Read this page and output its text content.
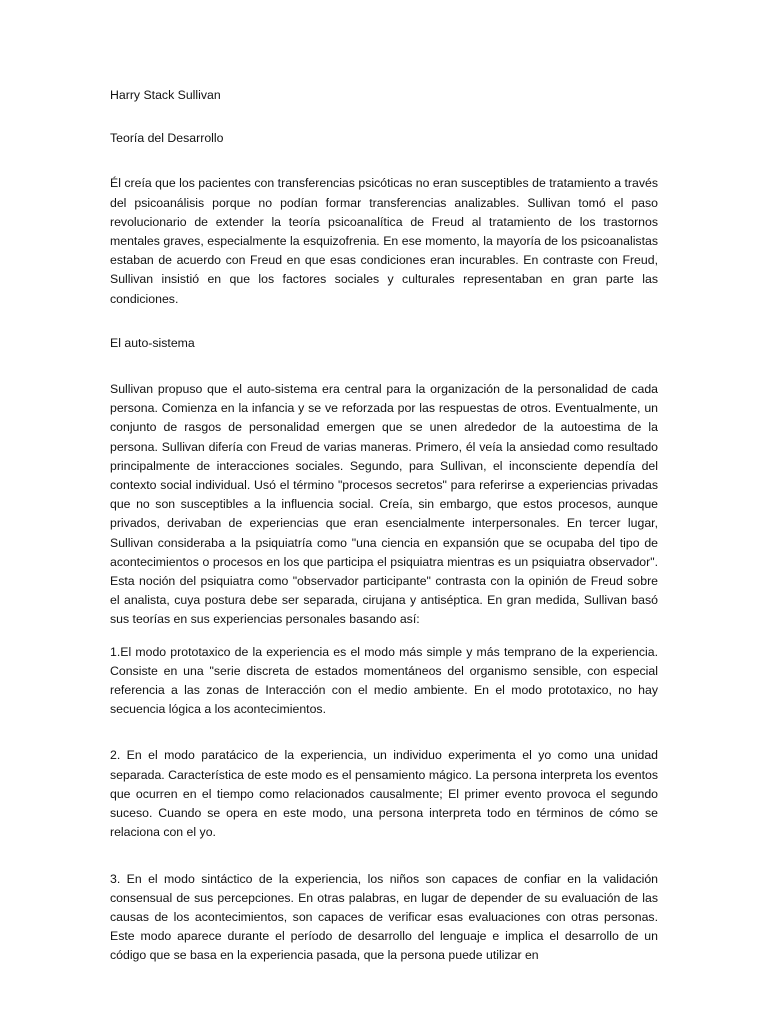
Harry Stack Sullivan

Teoría del Desarrollo

Él creía que los pacientes con transferencias psicóticas no eran susceptibles de tratamiento a través del psicoanálisis porque no podían formar transferencias analizables. Sullivan tomó el paso revolucionario de extender la teoría psicoanalítica de Freud al tratamiento de los trastornos mentales graves, especialmente la esquizofrenia. En ese momento, la mayoría de los psicoanalistas estaban de acuerdo con Freud en que esas condiciones eran incurables. En contraste con Freud, Sullivan insistió en que los factores sociales y culturales representaban en gran parte las condiciones.

El auto-sistema

Sullivan propuso que el auto-sistema era central para la organización de la personalidad de cada persona. Comienza en la infancia y se ve reforzada por las respuestas de otros. Eventualmente, un conjunto de rasgos de personalidad emergen que se unen alrededor de la autoestima de la persona. Sullivan difería con Freud de varias maneras. Primero, él veía la ansiedad como resultado principalmente de interacciones sociales. Segundo, para Sullivan, el inconsciente dependía del contexto social individual. Usó el término "procesos secretos" para referirse a experiencias privadas que no son susceptibles a la influencia social. Creía, sin embargo, que estos procesos, aunque privados, derivaban de experiencias que eran esencialmente interpersonales. En tercer lugar, Sullivan consideraba a la psiquiatría como "una ciencia en expansión que se ocupaba del tipo de acontecimientos o procesos en los que participa el psiquiatra mientras es un psiquiatra observador". Esta noción del psiquiatra como "observador participante" contrasta con la opinión de Freud sobre el analista, cuya postura debe ser separada, cirujana y antiséptica. En gran medida, Sullivan basó sus teorías en sus experiencias personales basando así:

1.El modo prototaxico de la experiencia es el modo más simple y más temprano de la experiencia. Consiste en una "serie discreta de estados momentáneos del organismo sensible, con especial referencia a las zonas de Interacción con el medio ambiente. En el modo prototaxico, no hay secuencia lógica a los acontecimientos.

2. En el modo paratácico de la experiencia, un individuo experimenta el yo como una unidad separada. Característica de este modo es el pensamiento mágico. La persona interpreta los eventos que ocurren en el tiempo como relacionados causalmente; El primer evento provoca el segundo suceso. Cuando se opera en este modo, una persona interpreta todo en términos de cómo se relaciona con el yo.

3. En el modo sintáctico de la experiencia, los niños son capaces de confiar en la validación consensual de sus percepciones. En otras palabras, en lugar de depender de su evaluación de las causas de los acontecimientos, son capaces de verificar esas evaluaciones con otras personas. Este modo aparece durante el período de desarrollo del lenguaje e implica el desarrollo de un código que se basa en la experiencia pasada, que la persona puede utilizar en
